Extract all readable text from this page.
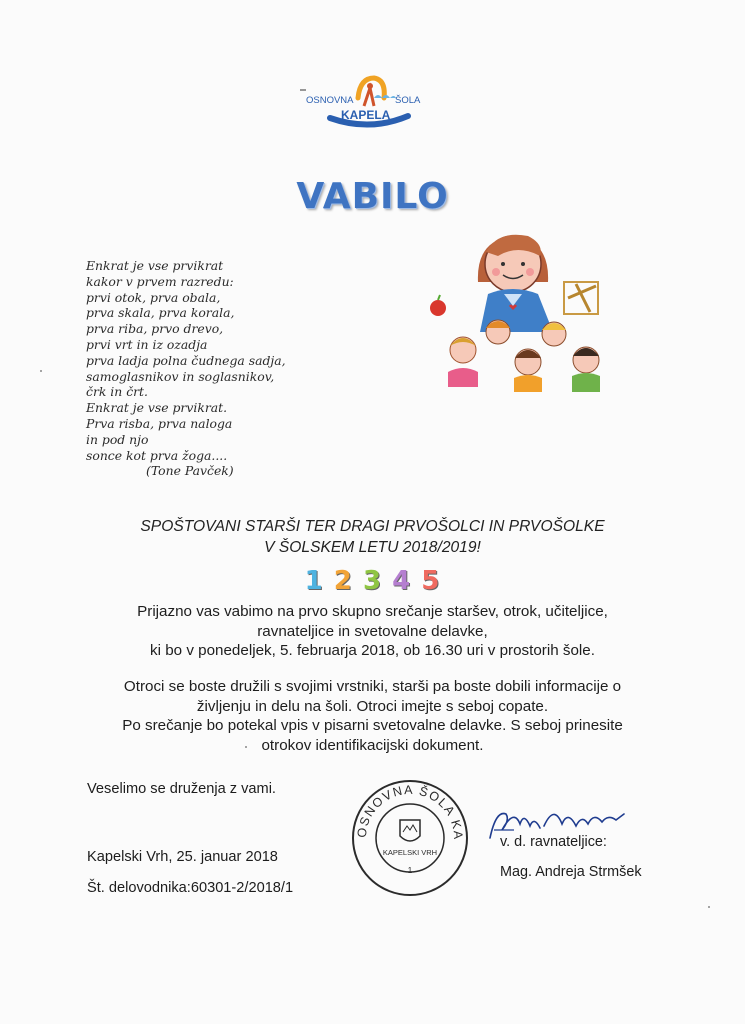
OSNOVNA	ŠOLA
KAPELA
VABILO
Enkrat je vse prvikrat
kakor v prvem razredu:
prvi otok, prva obala,
prva skala, prva korala,
prva riba, prvo drevo,
prvi vrt in iz ozadja
prva ladja polna čudnega sadja,
samoglasnikov in soglasnikov,
črk in črt.
Enkrat je vse prvikrat.
Prva risba, prva naloga
in pod njo
sonce kot prva žoga....
(Tone Pavček)
SPOŠTOVANI STARŠI TER DRAGI PRVOŠOLCI IN PRVOŠOLKE
V ŠOLSKEM LETU 2018/2019!
1 2 3 4 5
Prijazno vas vabimo na prvo skupno srečanje staršev, otrok, učiteljice,
ravnateljice in svetovalne delavke,
ki bo v ponedeljek, 5. februarja 2018, ob 16.30 uri v prostorih šole.
Otroci se boste družili s svojimi vrstniki, starši pa boste dobili informacije o
življenju in delu na šoli. Otroci imejte s seboj copate.
Po srečanje bo potekal vpis v pisarni svetovalne delavke. S seboj prinesite
otrokov identifikacijski dokument.
Veselimo se druženja z vami.
Kapelski Vrh, 25. januar 2018
Št. delovodnika:60301-2/2018/1
OSNOVNA ŠOLA KA
KAPELSKI VRH
1
v. d. ravnateljice:
Mag. Andreja Strmšek
